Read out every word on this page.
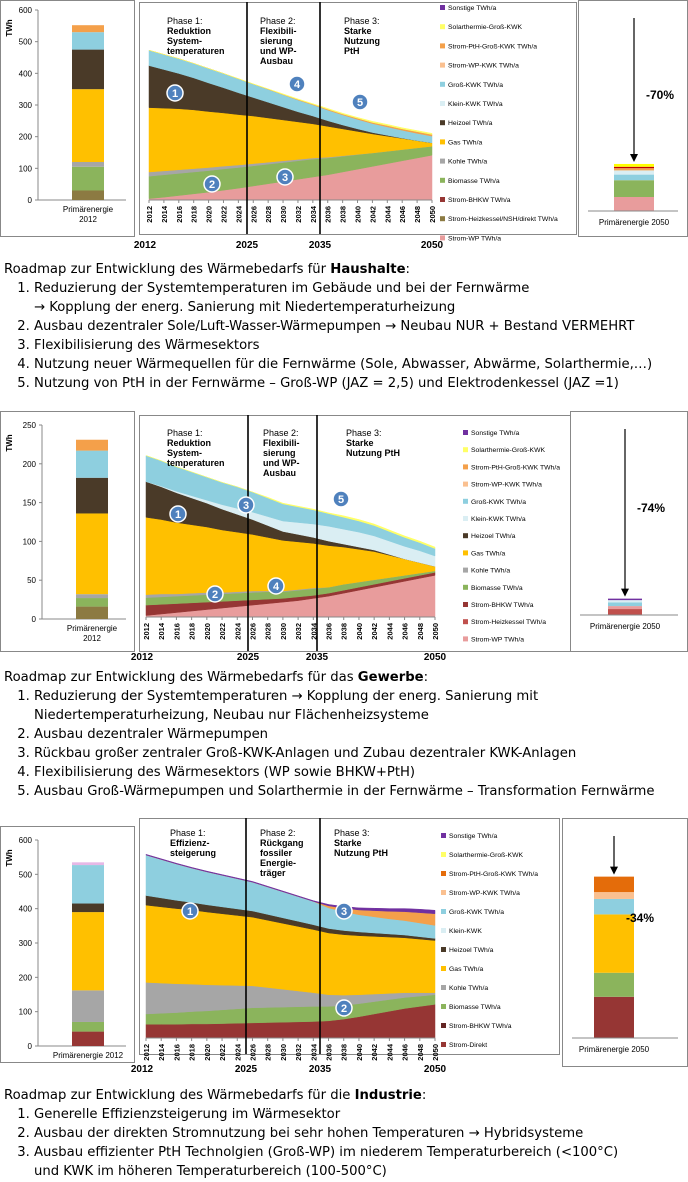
0
100
200
300
400
500
600
TWh
Primärenergie
2012	2012 2014 2016 2018 2020 2022 2024 2026 2028 2030 2032 2034 2036 2038 2040 2042 2044 2046 2048 2050
Phase 1:
Reduktion
System-
temperaturen
Phase 2:
Flexibili-
sierung
und WP-
Ausbau
Phase 3:
Starke
Nutzung
PtH
1
2
3
4
5
Sonstige TWh/a
Solarthermie-Groß-KWK
Strom-PtH-Groß-KWK TWh/a
Strom-WP-KWK TWh/a
Groß-KWK TWh/a
Klein-KWK TWh/a
Heizoel TWh/a
Gas TWh/a
Kohle TWh/a
Biomasse TWh/a
Strom-BHKW TWh/a
Strom-Heizkessel/NSH/direkt TWh/a
Strom-WP TWh/a
2012	2025	2035	2050
-70%
Primärenergie 2050

Roadmap zur Entwicklung des Wärmebedarfs für Haushalte:

1. Reduzierung der Systemtemperaturen im Gebäude und bei der Fernwärme
→ Kopplung der energ. Sanierung mit Niedertemperaturheizung
2. Ausbau dezentraler Sole/Luft-Wasser-Wärmepumpen → Neubau NUR + Bestand VERMEHRT
3. Flexibilisierung des Wärmesektors
4. Nutzung neuer Wärmequellen für die Fernwärme (Sole, Abwasser, Abwärme, Solarthermie,…)
5. Nutzung von PtH in der Fernwärme – Groß-WP (JAZ = 2,5) und Elektrodenkessel (JAZ =1)
0
50
100
150
200
250
TWh
Primärenergie
2012	2012 2014 2016 2018 2020 2022 2024 2026 2028 2030 2032 2034 2036 2038 2040 2042 2044 2046 2048 2050
Phase 1:
Reduktion
System-
temperaturen
Phase 2:
Flexibili-
sierung
und WP-
Ausbau
Phase 3:
Starke
Nutzung PtH
1
2
3
4
5
Sonstige TWh/a
Solarthermie-Groß-KWK
Strom-PtH-Groß-KWK TWh/a
Strom-WP-KWK TWh/a
Groß-KWK TWh/a
Klein-KWK TWh/a
Heizoel TWh/a
Gas TWh/a
Kohle TWh/a
Biomasse TWh/a
Strom-BHKW TWh/a
Strom-Heizkessel TWh/a
Strom-WP TWh/a
2012	2025	2035	2050
-74%
Primärenergie 2050

Roadmap zur Entwicklung des Wärmebedarfs für das Gewerbe:

1. Reduzierung der Systemtemperaturen → Kopplung der energ. Sanierung mit
Niedertemperaturheizung, Neubau nur Flächenheizsysteme
2. Ausbau dezentraler Wärmepumpen
3. Rückbau großer zentraler Groß-KWK-Anlagen und Zubau dezentraler KWK-Anlagen
4. Flexibilisierung des Wärmesektors (WP sowie BHKW+PtH)
5. Ausbau Groß-Wärmepumpen und Solarthermie in der Fernwärme – Transformation Fernwärme
0
100
200
300
400
500
600
TWh
Primärenergie 2012	2012 2014 2016 2018 2020 2022 2024 2026 2028 2030 2032 2034 2036 2038 2040 2042 2044 2046 2048 2050
Phase 1:
Effizienz-
steigerung
Phase 2:
Rückgang
fossiler
Energie-
träger
Phase 3:
Starke
Nutzung PtH
1
2
3
Sonstige TWh/a
Solarthermie-Groß-KWK
Strom-PtH-Groß-KWK TWh/a
Strom-WP-KWK TWh/a
Groß-KWK TWh/a
Klein-KWK
Heizoel TWh/a
Gas TWh/a
Kohle TWh/a
Biomasse TWh/a
Strom-BHKW TWh/a
Strom-Direkt
2012	2025	2035	2050
-34%
Primärenergie 2050

Roadmap zur Entwicklung des Wärmebedarfs für die Industrie:

1. Generelle Effizienzsteigerung im Wärmesektor
2. Ausbau der direkten Stromnutzung bei sehr hohen Temperaturen → Hybridsysteme
3. Ausbau effizienter PtH Technolgien (Groß-WP) im niederem Temperaturbereich (<100°C)
und KWK im höheren Temperaturbereich (100-500°C)
